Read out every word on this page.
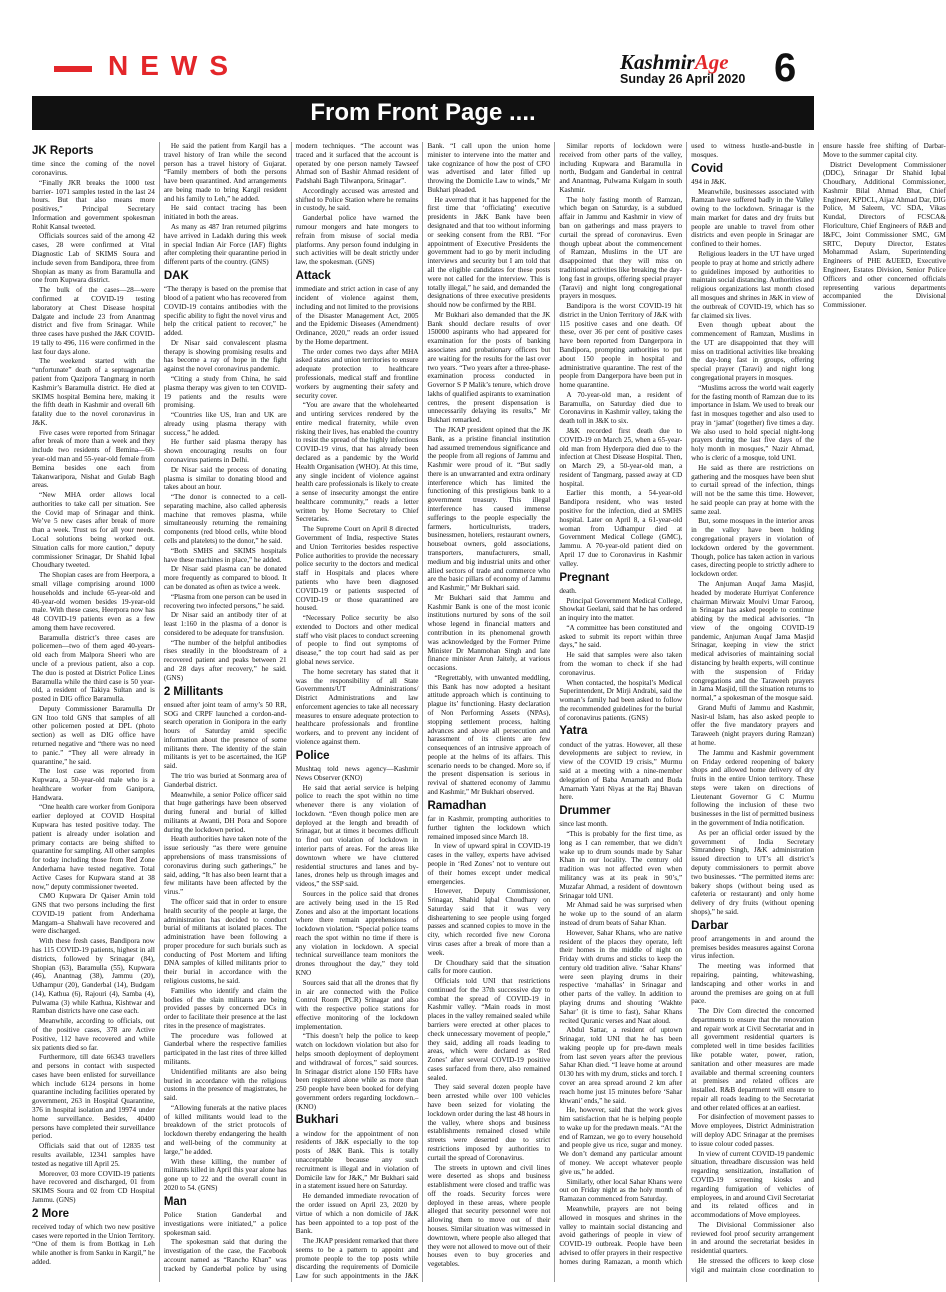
NEWS	KashmirAge
Sunday 26 April 2020 6
From Front Page ....
JK Reports

time since the coming of the novel coronavirus.

“Finally JKR breaks the 1000 test barrier- 1071 samples tested in the last 24 hours. But that also means more positives,” Principal Secretary Information and government spokesman Rohit Kansal tweeted.

Officials sources said of the among 42 cases, 28 were confirmed at Vital Diagnostic Lab of SKIMS Soura and include seven from Bandipora, three from Shopian as many as from Baramulla and one from Kupwara district.

The bulk of the cases—28—were confirmed at COVID-19 testing laboratory at Chest Disease hospital Dalgate and include 23 from Anantnag district and five from Srinagar. While three cases have pushed the J&K COVID-19 tally to 496, 116 were confirmed in the last four days alone.

The weekend started with the “unfortunate” death of a septuagenarian patient from Qazipora Tangmarg in north Kashmir’s Baramulla district. He died at SKIMS hospital Bemina here, making it the fifth death in Kashmir and overall 6th fatality due to the novel coronavirus in J&K.

Five cases were reported from Srinagar after break of more than a week and they include two residents of Bemina—60-year-old man and 55-year-old female from Bemina besides one each from Takanwaripora, Nishat and Gulab Bagh areas.

“New MHA order allows local authorities to take call per situation. See the Covid map of Srinagar and think. We’ve 5 new cases after break of more than a week. Trust us for all your needs. Local solutions being worked out. Situation calls for more caution,” deputy commissioner Srinagar, Dr Shahid Iqbal Choudhary tweeted.

The Shopian cases are from Heerpora, a small village comprising around 1000 households and include 65-year-old and 40-year-old women besides 19-year-old male. With these cases, Heerpora now has 48 COVID-19 patients even as a few among them have recovered.

Baramulla district’s three cases are policemen—two of them aged 40-years-old each from Malpora Sheeri who are uncle of a previous patient, also a cop. The duo is posted at District Police Lines Baramulla while the third case is 50 year-old, a resident of Takiya Sultan and is posted in DIG office Baramulla.

Deputy Commissioner Baramulla Dr GN Itoo told GNS that samples of all other policemen posted at DPL (photo section) as well as DIG office have returned negative and “there was no need to panic.” “They all were already in quarantine,” he said.

The lost case was reported from Kupwara, a 50-year-old male who is a healthcare worker from Ganipora, Handwara.

“One health care worker from Gonipora earlier deployed at COVID Hospital Kupwara has tested positive today. The patient is already under isolation and primary contacts are being shifted to quarantine for sampling. All other samples for today including those from Red Zone Anderhama have tested negative. Total Active Cases for Kupwara stand at 38 now,” deputy commissioner tweeted.

CMO Kupwara Dr Qaiser Amin told GNS that two persons including the first COVID-19 patient from Anderhama Mangam–a Shahwali have recovered and were discharged.

With these fresh cases, Bandipora now has 115 COVID-19 patients, highest in all districts, followed by Srinagar (84), Shopian (63), Baramulla (55), Kupwara (46), Anantnag (38), Jammu (20), Udhampur (20), Ganderbal (14), Budgam (14), Kathua (6), Rajouri (4), Samba (4), Pulwama (3) while Kathua, Kishtwar and Ramban districts have one case each.

Meanwhile, according to officials, out of the positive cases, 378 are Active Positive, 112 have recovered and while six patients died so far.

Furthermore, till date 66343 travellers and persons in contact with suspected cases have been enlisted for surveillance which include 6124 persons in home quarantine including facilities operated by government, 263 in Hospital Quarantine, 376 in hospital isolation and 19974 under home surveillance. Besides, 40400 persons have completed their surveillance period.

Officials said that out of 12835 test results available, 12341 samples have tested as negative till April 25.

Moreover, 03 more COVID-19 patients have recovered and discharged, 01 from SKIMS Soura and 02 from CD Hospital Jammu. (GNS)

2 More

received today of which two new positive cases were reported in the Union Territory. “One of them is from Bottkag in Leh while another is from Sanku in Kargil,” he added.

He said the patient from Kargil has a travel history of Iran while the second person has a travel history of Gujarat. “Family members of both the persons have been quarantined. And arrangements are being made to bring Kargil resident and his family to Leh,” he added.

He said contact tracing has been initiated in both the areas.

As many as 487 Iran returned pilgrims have arrived in Ladakh during this week in special Indian Air Force (IAF) flights after completing their quarantine period in different parts of the country. (GNS)

DAK

“The therapy is based on the premise that blood of a patient who has recovered from COVID-19 contains antibodies with the specific ability to fight the novel virus and help the critical patient to recover,” he added.

Dr Nisar said convalescent plasma therapy is showing promising results and has become a ray of hope in the fight against the novel coronavirus pandemic.

“Citing a study from China, he said plasma therapy was given to ten COVID-19 patients and the results were promising.

“Countries like US, Iran and UK are already using plasma therapy with success,” he added.

He further said plasma therapy has shown encouraging results on four coronavirus patients in Delhi.

Dr Nisar said the process of donating plasma is similar to donating blood and takes about an hour.

“The donor is connected to a cell-separating machine, also called apheresis machine that removes plasma, while simultaneously returning the remaining components (red blood cells, white blood cells and platelets) to the donor,” he said.

“Both SMHS and SKIMS hospitals have these machines in place,” he added.

Dr Nisar said plasma can be donated more frequently as compared to blood. It can be donated as often as twice a week.

“Plasma from one person can be used in recovering two infected persons,” he said.

Dr Nisar said an antibody titer of at least 1:160 in the plasma of a donor is considered to be adequate for transfusion.

“The number of the helpful antibodies rises steadily in the bloodstream of a recovered patient and peaks between 21 and 28 days after recovery,” he said. (GNS)

2 Millitants

ensued after joint team of army’s 50 RR, SOG and CRPF launched a cordon-and-search operation in Gonipora in the early hours of Saturday amid specific information about the presence of some militants there. The identity of the slain militants is yet to be ascertained, the IGP said.

The trio was buried at Sonmarg area of Ganderbal district.

Meanwhile, a senior Police officer said that huge gatherings have been observed during funeral and burial of killed militants at Awanti, DH Pora and Sopore during the lockdown period.

Heath authorities have taken note of the issue seriously “as there were genuine apprehensions of mass transmissions of coronavirus during such gatherings,” he said, adding, “It has also been learnt that a few militants have been affected by the virus.”

The officer said that in order to ensure health security of the people at large, the administration has decided to conduct burial of militants at isolated places. The administration have been following a proper procedure for such burials such as conducting of Post Mortem and lifting DNA samples of killed militants prior to their burial in accordance with the religious customs, he said.

Families who identify and claim the bodies of the slain militants are being provided passes by concerned DCs in order to facilitate their presence at the last rites in the presence of magistrates.

The procedure was followed at Ganderbal where the respective families participated in the last rites of three killed militants.

Unidentified militants are also being buried in accordance with the religious customs in the presence of magistrates, he said.

“Allowing funerals at the native places of killed militants would lead to the breakdown of the strict protocols of lockdown thereby endangering the health and well-being of the community at large,” he added.

With these killing, the number of militants killed in April this year alone has gone up to 22 and the overall count in 2020 to 54. (GNS)

Man

Police Station Ganderbal and investigations were initiated,” a police spokesman said.

The spokesman said that during the investigation of the case, the Facebook account named as “Rancho Khan” was tracked by Ganderbal police by using modern techniques. “The account was traced and it surfaced that the account is operated by one person namely Tawseef Ahmad son of Bashir Ahmad resident of Padshahi Bagh Tilwanpora, Srinagar”.

Accordingly accused was arrested and shifted to Police Station where he remains in custody, he said.

Ganderbal police have warned the rumour mongers and hate mongers to refrain from misuse of social media platforms. Any person found indulging in such activities will be dealt strictly under law, the spokesman. (GNS)

Attack

immediate and strict action in case of any incident of violence against them, including and not limited to the provisions of the Disaster Management Act, 2005 and the Epidemic Diseases (Amendment) Ordinance, 2020,” reads an order issued by the Home department.

The order comes two days after MHA asked states and union territories to ensure adequate protection to healthcare professionals, medical staff and frontline workers by augmenting their safety and security cover.

“You are aware that the wholehearted and untiring services rendered by the entire medical fraternity, while even risking their lives, has enabled the country to resist the spread of the highly infectious COVID-19 virus, that has already been declared as a pandemic by the World Health Organisation (WHO). At this time, any single incident of violence against health care professionals is likely to create a sense of insecurity amongst the entire healthcare community,” reads a letter written by Home Secretary to Chief Secretaries.

The Supreme Court on April 8 directed Government of India, respective States and Union Territories besides respective Police authorities to provide the necessary police security to the doctors and medical staff in Hospitals and places where patients who have been diagnosed COVID-19 or patients suspected of COVID-19 or those quarantined are housed.

“Necessary Police security be also extended to Doctors and other medical staff who visit places to conduct screening of people to find out symptoms of disease,” the top court had said as per global news service.

The home secretary has stated that it was the responsibility of all State Governments/UT Administrations/ District Administrations and law enforcement agencies to take all necessary measures to ensure adequate protection to healthcare professionals and frontline workers, and to prevent any incident of violence against them.

Police

Mushtaq told news agency—Kashmir News Observer (KNO)

He said that aerial service is helping police to reach the spot within no time whenever there is any violation of lockdown. “Even though police men are deployed at the length and breadth of Srinagar, but at times it becomes difficult to find out violation of lockdown in interior parts of areas. For the areas like downtown where we have cluttered residential structures and lanes and by-lanes, drones help us through images and videos,” the SSP said.

Sources in the police said that drones are actively being used in the 15 Red Zones and also at the important locations where there remain apprehensions of lockdown violation. “Special police teams reach the spot within no time if there is any violation in lockdown. A special technical surveillance team monitors the drones throughout the day,” they told KNO

Sources said that all the drones that fly in air are connected with the Police Control Room (PCR) Srinagar and also with the respective police stations for effective monitoring of the lockdown implementation.

“This doesn’t help the police to keep watch on lockdown violation but also for helps smooth deployment of deployment and withdrawal of forces,” said sources. In Srinagar district alone 150 FIRs have been registered alone while as more than 250 people have been booked for defying government orders regarding lockdown.–(KNO)

Bukhari

a window for the appointment of non residents of J&K especially to the top posts of J&K Bank. This is totally unacceptable because any such recruitment is illegal and in violation of Domicile law for J&K,” Mr Bukhari said in a statement issued here on Saturday.

He demanded immediate revocation of the order issued on April 23, 2020 by virtue of which a non domicile of J&K has been appointed to a top post of the Bank.

The JKAP president remarked that there seems to be a pattern to appoint and promote people to the top posts while discarding the requirements of Domicile Law for such appointments in the J&K Bank. “I call upon the union home minister to intervene into the matter and take cognizance of how the post of CFO was advertised and later filled up throwing the Domicile Law to winds,” Mr Bukhari pleaded.

He averred that it has happened for the first time that ‘officiating’ executive presidents in J&K Bank have been designated and that too without informing or seeking consent from the RBI. “For appointment of Executive Presidents the government had to go by merit including interviews and security but I am told that all the eligible candidates for these posts were not called for the interview. This is totally illegal,” he said, and demanded the designations of three executive presidents should now be confirmed by the RBI.

Mr Bukhari also demanded that the JK Bank should declare results of over 150000 aspirants who had appeared for examination for the posts of banking associates and probationary officers but are waiting for the results for the last over two years. “Two years after a three-phase-examination process conducted in Governor S P Malik’s tenure, which drove lakhs of qualified aspirants to examination centres, the present dispensation is unnecessarily delaying its results,” Mr Bukhari remarked.

The JKAP president opined that the JK Bank, as a pristine financial institution had assumed tremendous significance and the people from all regions of Jammu and Kashmir were proud of it. “But sadly there is an unwarranted and extra ordinary interference which has limited the functioning of this prestigious bank to a government treasury. This illegal interference has caused immense sufferings to the people especially the farmers, horticulturists, traders, businessmen, hoteliers, restaurant owners, houseboat owners, gold associations, transporters, manufacturers, small, medium and big industrial units and other allied sectors of trade and commerce who are the basic pillars of economy of Jammu and Kashmir,” Mr Bukhari said.

Mr Bukhari said that Jammu and Kashmir Bank is one of the most iconic institutions nurtured by sons of the soil whose legend in financial matters and contribution in its phenomenal growth was acknowledged by the Former Prime Minister Dr Manmohan Singh and late finance minister Arun Jaitely, at various occasions.

“Regrettably, with unwanted meddling, this Bank has now adopted a hesitant attitude approach which is continuing to plague its’ functioning. Hasty declaration of Non Performing Assets (NPAs), stopping settlement process, halting advances and above all persecution and harassment of its clients are few consequences of an intrusive approach of people at the helms of its affairs. This scenario needs to be changed. More so, if the present dispensation is serious in revival of shattered economy of Jammu and Kashmir,” Mr Bukhari observed.

Ramadhan

far in Kashmir, prompting authorities to further tighten the lockdown which remained imposed since March 18.

In view of upward spiral in COVID-19 cases in the valley, experts have advised people in ‘Red Zones’ not to venture out of their homes except under medical emergencies.

However, Deputy Commissioner, Srinagar, Shahid Iqbal Choudhary on Saturday said that it was very disheartening to see people using forged passes and scanned copies to move in the city, which recorded five new Corona virus cases after a break of more than a week.

Dr Choudhary said that the situation calls for more caution.

Officials told UNI that restrictions continued for the 37th successive day to combat the spread of COVID-19 in Kashmir valley. “Main roads in most places in the valley remained sealed while barriers were erected at other places to check unnecessary movement of people,” they said, adding all roads leading to areas, which were declared as ‘Red Zones’ after several COVID-19 positive cases surfaced from there, also remained sealed.

They said several dozen people have been arrested while over 100 vehicles have been seized for violating the lockdown order during the last 48 hours in the valley, where shops and business establishments remained closed while streets were deserted due to strict restrictions imposed by authorities to curtail the spread of Coronavirus.

The streets in uptown and civil lines were deserted as shops and business establishment were closed and traffic was off the roads. Security forces were deployed in these areas, where people alleged that security personnel were not allowing them to move out of their houses. Similar situation was witnessed in downtown, where people also alleged that they were not allowed to move out of their houses even to buy groceries and vegetables.

Similar reports of lockdown were received from other parts of the valley, including Kupwara and Baramulla in north, Budgam and Ganderbal in central and Anantnag, Pulwama Kulgam in south Kashmir.

The holy fasting month of Ramzan, which began on Saturday, is a subdued affair in Jammu and Kashmir in view of ban on gatherings and mass prayers to curtail the spread of coronavirus. Even though upbeat about the commencement of Ramzan, Muslims in the UT are disappointed that they will miss on traditional activities like breaking the day-long fast in groups, offering special prayer (Taravi) and night long congregational prayers in mosques.

Bandipora is the worst COVID-19 hit district in the Union Territory of J&K with 115 positive cases and one death. Of these, over 36 per cent of positive cases have been reported from Dangerpora in Bandipora, prompting authorities to put about 150 people in hospital and administrative quarantine. The rest of the people from Dangerpora have been put in home quarantine.

A 70-year-old man, a resident of Baramulla, on Saturday died due to Coronavirus in Kashmir valley, taking the death toll in J&K to six.

J&K recorded first death due to COVID-19 on March 25, when a 65-year-old man from Hyderpora died due to the infection at Chest Disease Hospital. Then, on March 29, a 50-year-old man, a resident of Tangmarg, passed away at CD hospital.

Earlier this month, a 54-year-old Bandipora resident, who was tested positive for the infection, died at SMHS hospital. Later on April 8, a 61-year-old woman from Udhampur died at Government Medical College (GMC), Jammu. A 70-year-old patient died on April 17 due to Coronavirus in Kashmir valley.

Pregnant

death.

Principal Government Medical College, Showkat Geelani, said that he has ordered an inquiry into the matter.

“A committee has been constituted and asked to submit its report within three days,” he said.

He said that samples were also taken from the woman to check if she had coronavirus.

When contacted, the hospital’s Medical Superintendent, Dr Mirji Andrabi, said the woman’s family had been asked to follow the recommended guidelines for the burial of coronavirus patients. (GNS)

Yatra

conduct of the yatras. However, all these developments are subject to review, in view of the COVID 19 crisis,” Murmu said at a meeting with a nine-member delegation of Baba Amarnath and Buda Amarnath Yatri Niyas at the Raj Bhavan here.

Drummer

since last month.

“This is probably for the first time, as long as I can remember, that we didn’t wake up to drum sounds made by Sahar Khan in our locality. The century old tradition was not affected even when militancy was at its peak in 90’s,” Muzafar Ahmad, a resident of downtown Srinagar told UNI.

Mr Ahmad said he was surprised when he woke up to the sound of an alarm instead of drum beats of Sahar Khan.

However, Sahar Khans, who are native resident of the places they operate, left their homes in the middle of night on Friday with drums and sticks to keep the century old tradition alive. ‘Sahar Khans’ were seen playing drums in their respective ‘mahallas’ in Srinagar and other parts of the valley. In addition to playing drums and shouting ‘Wakhte Sahar’ (it is time to fast), Sahar Khans recited Quranic verses and Naat aloud.

Abdul Sattar, a resident of uptown Srinagar, told UNI that he has been waking people up for pre-dawn meals from last seven years after the previous Sahar Khan died. “I leave home at around 0130 hrs with my drum, sticks and torch. I cover an area spread around 2 km after reach home just 15 minutes before ‘Sahar khwani’ ends,” he said.

He, however, said that the work gives him satisfaction that he is helping people to wake up for the predawn meals. “At the end of Ramzan, we go to every household and people give us rice, sugar and money. We don’t demand any particular amount of money. We accept whatever people give us,” he added.

Similarly, other local Sahar Khans were out on Friday night as the holy month of Ramazan commenced from Saturday.

Meanwhile, prayers are not being allowed in mosques and shrines in the valley to maintain social distancing and avoid gatherings of people in view of COVID-19 outbreak. People have been advised to offer prayers in their respective homes during Ramazan, a month which used to witness hustle-and-bustle in mosques.

Covid

494 in J&K.

Meanwhile, businesses associated with Ramzan have suffered badly in the Valley owing to the lockdown. Srinagar is the main market for dates and dry fruits but people are unable to travel from other districts and even people in Srinagar are confined to their homes.

Religious leaders in the UT have urged people to pray at home and strictly adhere to guidelines imposed by authorities to maintain social distancing. Authorities and religious organizations last month closed all mosques and shrines in J&K in view of the outbreak of COVID-19, which has so far claimed six lives.

Even though upbeat about the commencement of Ramzan, Muslims in the UT are disappointed that they will miss on traditional activities like breaking the day-long fast in groups, offering special prayer (Taravi) and night long congregational prayers in mosques.

“Muslims across the world wait eagerly for the fasting month of Ramzan due to its importance in Islam. We used to break our fast in mosques together and also used to pray in ‘jamat’ (together) five times a day. We also used to hold special night-long prayers during the last five days of the holy month in mosques,” Nazir Ahmad, who is cleric of a mosque, told UNI.

He said as there are restrictions on gathering and the mosques have been shut to curtail spread of the infection, things will not be the same this time. However, he said people can pray at home with the same zeal.

But, some mosques in the interior areas in the valley have been holding congregational prayers in violation of lockdown ordered by the government. Though, police has taken action in various cases, directing people to strictly adhere to lockdown order.

The Anjuman Auqaf Jama Masjid, headed by moderate Hurriyat Conference chairman Mirwaiz Moulvi Umar Farooq, in Srinagar has asked people to continue abiding by the medical advisories. “In view of the ongoing COVID-19 pandemic, Anjuman Auqaf Jama Masjid Srinagar, keeping in view the strict medical advisories of maintaining social distancing by health experts, will continue with the suspension of Friday congregations and the Taraweeh prayers in Jama Masjid, till the situation returns to normal,” a spokesman of the mosque said.

Grand Mufti of Jammu and Kashmir, Nasir-ul Islam, has also asked people to offer the five mandatory prayers and Taraweeh (night prayers during Ramzan) at home.

The Jammu and Kashmir government on Friday ordered reopening of bakery shops and allowed home delivery of dry fruits in the entire Union territory. These steps were taken on directions of Lieutenant Governor G C Murmu following the inclusion of these two businesses in the list of permitted business in the government of India notification.

As per an official order issued by the government of India Secretary Simrandeep Singh, J&K administration issued direction to UT’s all district’s deputy commissioners to permit above two businesses. “The permitted items are: bakery shops (without being used as cafeteria or restaurant) and only home delivery of dry fruits (without opening shops),” he said.

Darbar

proof arrangements in and around the premises besides measures against Corona virus infection.

The meeting was informed that repairing, painting, whitewashing, landscaping and other works in and around the premises are going on at full pace.

The Div Com directed the concerned departments to ensure that the renovation and repair work at Civil Secretariat and in all government residential quarters is completed well in time besides facilities like potable water, power, ration, sanitation and other measures are made available and thermal screening counters at premises and related offices are installed. R&B department will ensure to repair all roads leading to the Secretariat and other related offices at an earliest.

For disinfection of movement passes to Move employees, District Administration will deploy ADC Srinagar at the premises to issue colour coded passes.

In view of current COVID-19 pandemic situation, threadbare discussion was held regarding sensitization, installation of COVID-19 screening kiosks and regarding fumigation of vehicles of employees, in and around Civil Secretariat and its related offices and in accommodations of Move employees.

The Divisional Commissioner also reviewed fool proof security arrangement in and around the secretariat besides in residential quarters.

He stressed the officers to keep close vigil and maintain close coordination to ensure hassle free shifting of Darbar-Move to the summer capital city.

District Development Commissioner (DDC), Srinagar Dr Shahid Iqbal Choudhary, Additional Commissioner, Kashmir Bilal Ahmad Bhat, Chief Engineer, KPDCL, Aijaz Ahmad Dar, DIG Police, M Saleem, VC SDA, Vikas Kundal, Directors of FCSCA& Floriculture, Chief Engineers of R&B and I&FC, Joint Commissioner SMC, GM SRTC, Deputy Director, Estates Mohammad Aslam, Superintending Engineers of PHE &UEED, Executive Engineer, Estates Division, Senior Police Officers and other concerned officials representing various departments accompanied the Divisional Commissioner.
